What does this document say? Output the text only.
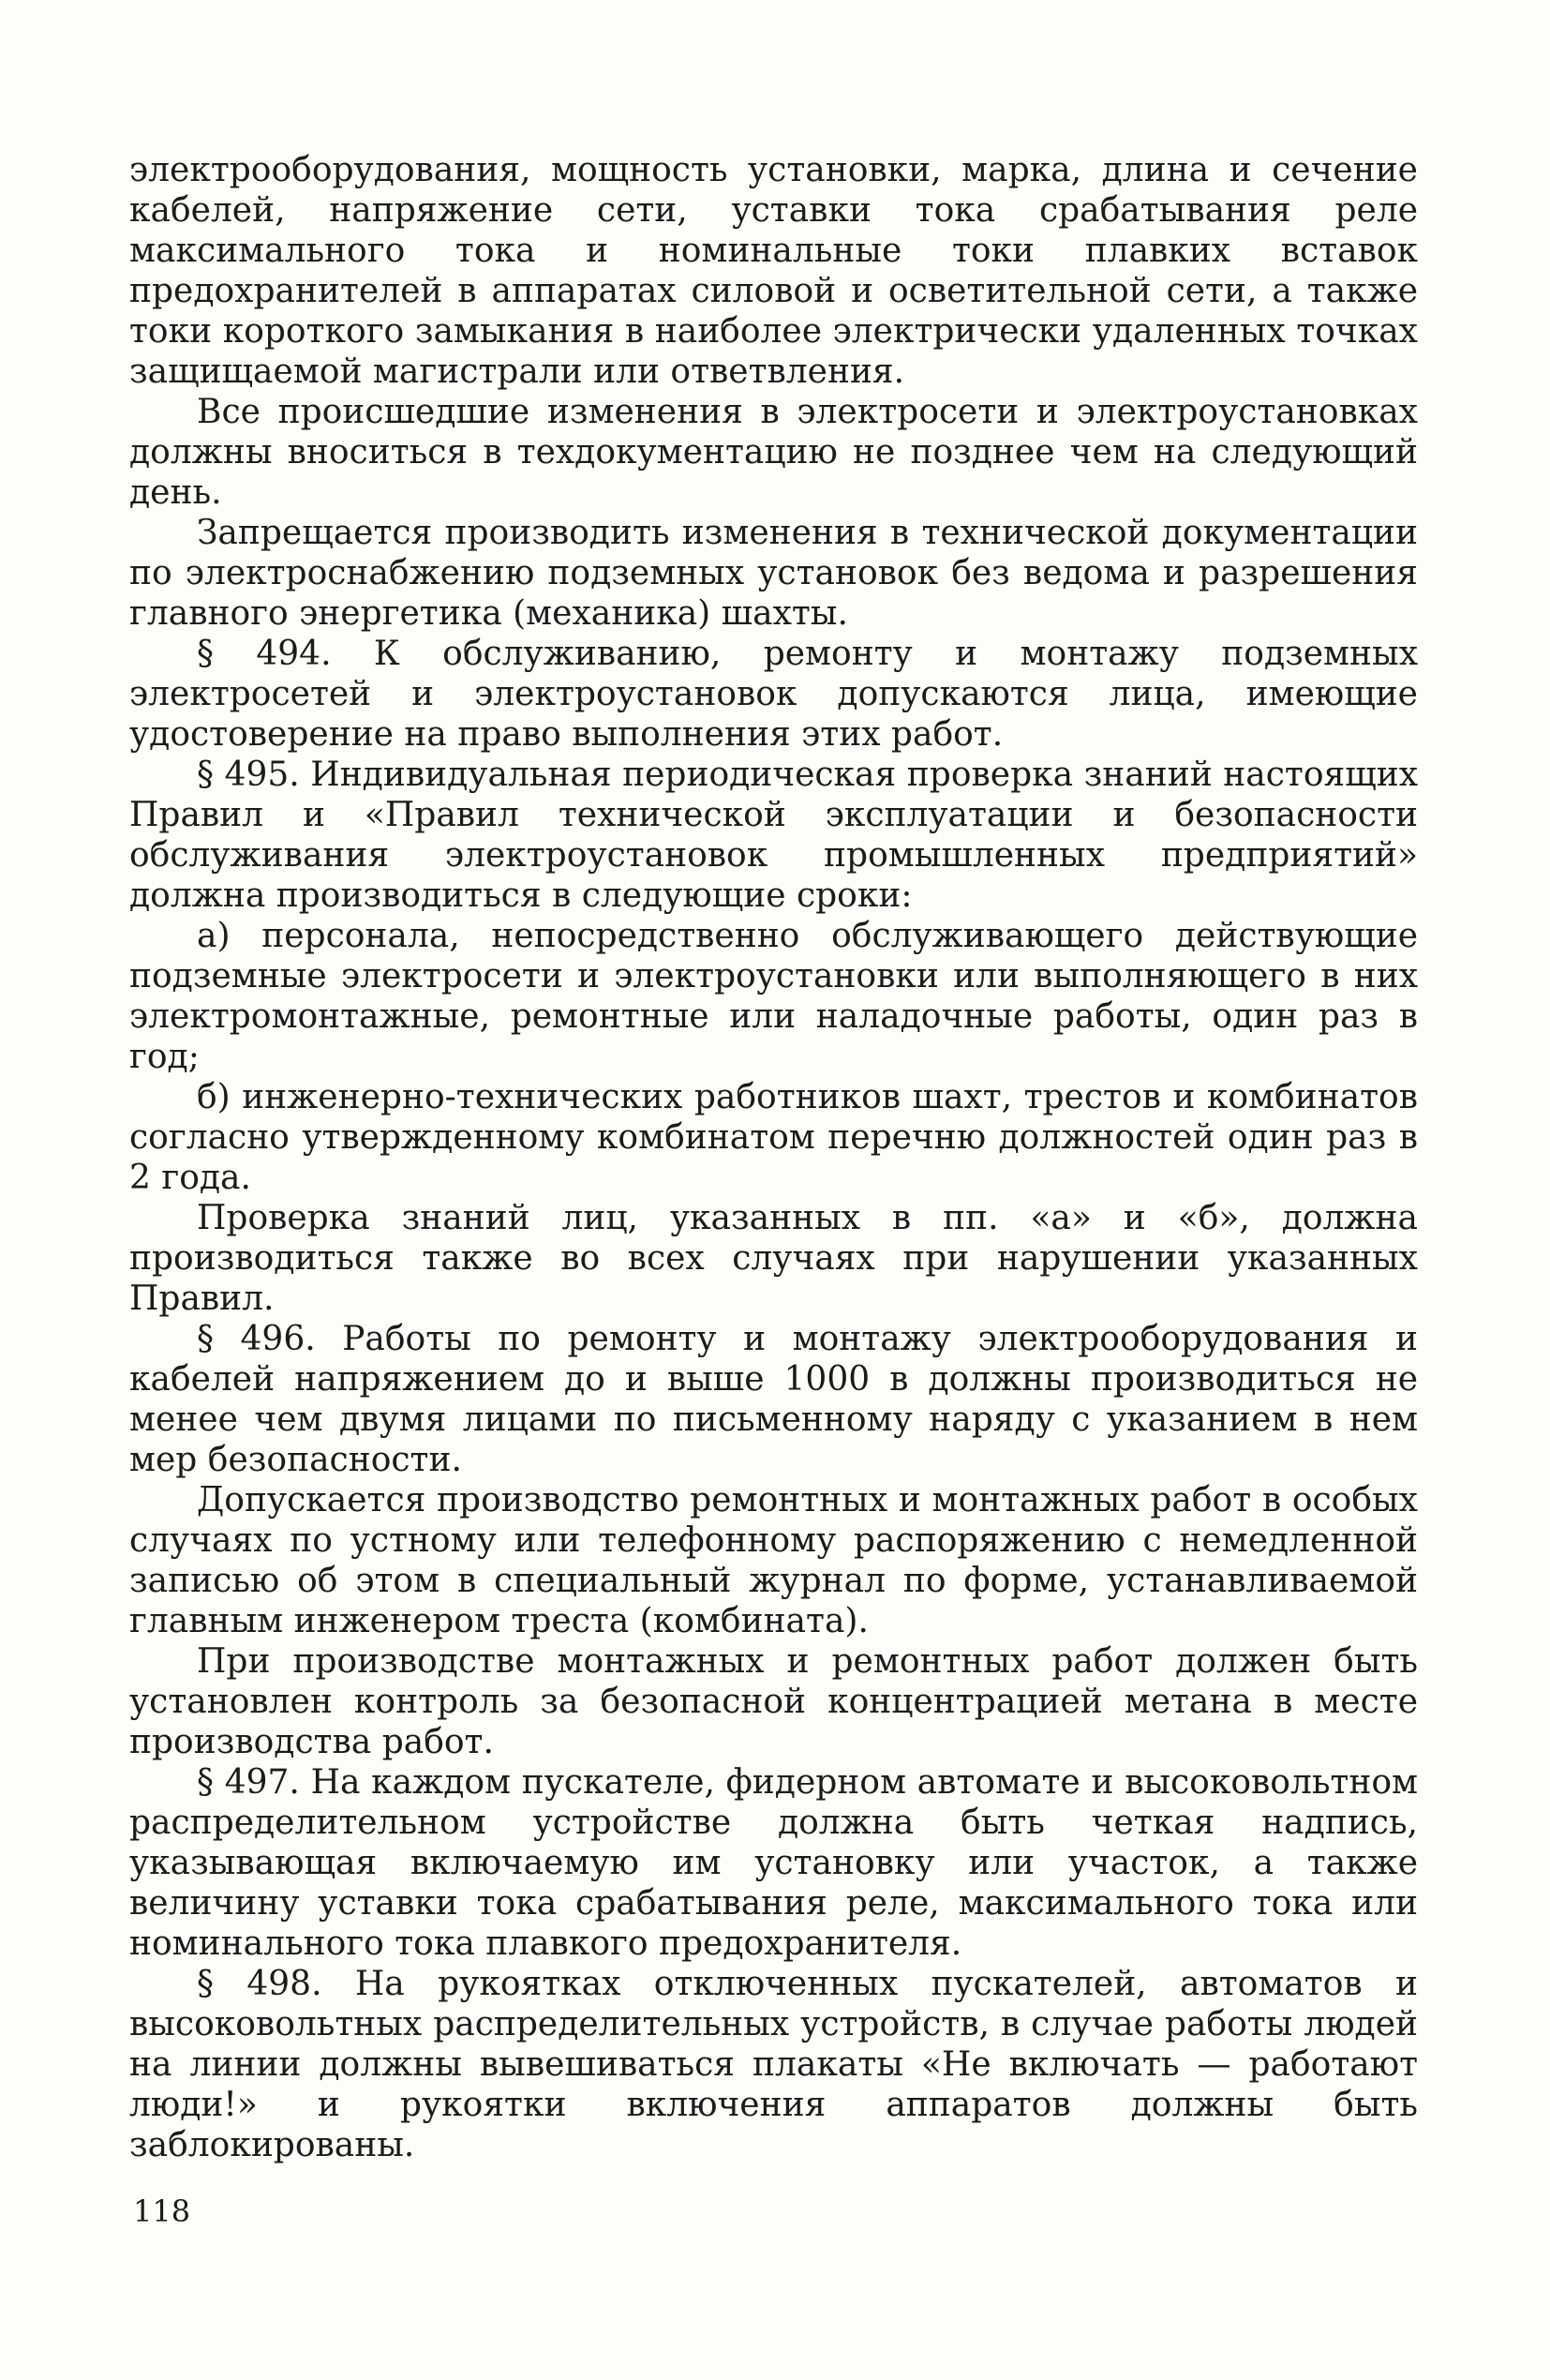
электрооборудования, мощность установки, марка, длина и сечение кабелей, напряжение сети, уставки тока срабатывания реле максимального тока и номинальные токи плавких вставок предохранителей в аппаратах силовой и осветительной сети, а также токи короткого замыкания в наиболее электрически удаленных точках защищаемой магистрали или ответвления.

Все происшедшие изменения в электросети и электроустановках должны вноситься в техдокументацию не позднее чем на следующий день.

Запрещается производить изменения в технической документации по электроснабжению подземных установок без ведома и разрешения главного энергетика (механика) шахты.

§ 494. К обслуживанию, ремонту и монтажу подземных электросетей и электроустановок допускаются лица, имеющие удостоверение на право выполнения этих работ.

§ 495. Индивидуальная периодическая проверка знаний настоящих Правил и «Правил технической эксплуатации и безопасности обслуживания электроустановок промышленных предприятий» должна производиться в следующие сроки:

а) персонала, непосредственно обслуживающего действующие подземные электросети и электроустановки или выполняющего в них электромонтажные, ремонтные или наладочные работы, один раз в год;

б) инженерно-технических работников шахт, трестов и комбинатов согласно утвержденному комбинатом перечню должностей один раз в 2 года.

Проверка знаний лиц, указанных в пп. «а» и «б», должна производиться также во всех случаях при нарушении указанных Правил.

§ 496. Работы по ремонту и монтажу электрооборудования и кабелей напряжением до и выше 1000 в должны производиться не менее чем двумя лицами по письменному наряду с указанием в нем мер безопасности.

Допускается производство ремонтных и монтажных работ в особых случаях по устному или телефонному распоряжению с немедленной записью об этом в специальный журнал по форме, устанавливаемой главным инженером треста (комбината).

При производстве монтажных и ремонтных работ должен быть установлен контроль за безопасной концентрацией метана в месте производства работ.

§ 497. На каждом пускателе, фидерном автомате и высоковольтном распределительном устройстве должна быть четкая надпись, указывающая включаемую им установку или участок, а также величину уставки тока срабатывания реле, максимального тока или номинального тока плавкого предохранителя.

§ 498. На рукоятках отключенных пускателей, автоматов и высоковольтных распределительных устройств, в случае работы людей на линии должны вывешиваться плакаты «Не включать — работают люди!» и рукоятки включения аппаратов должны быть заблокированы.

118
